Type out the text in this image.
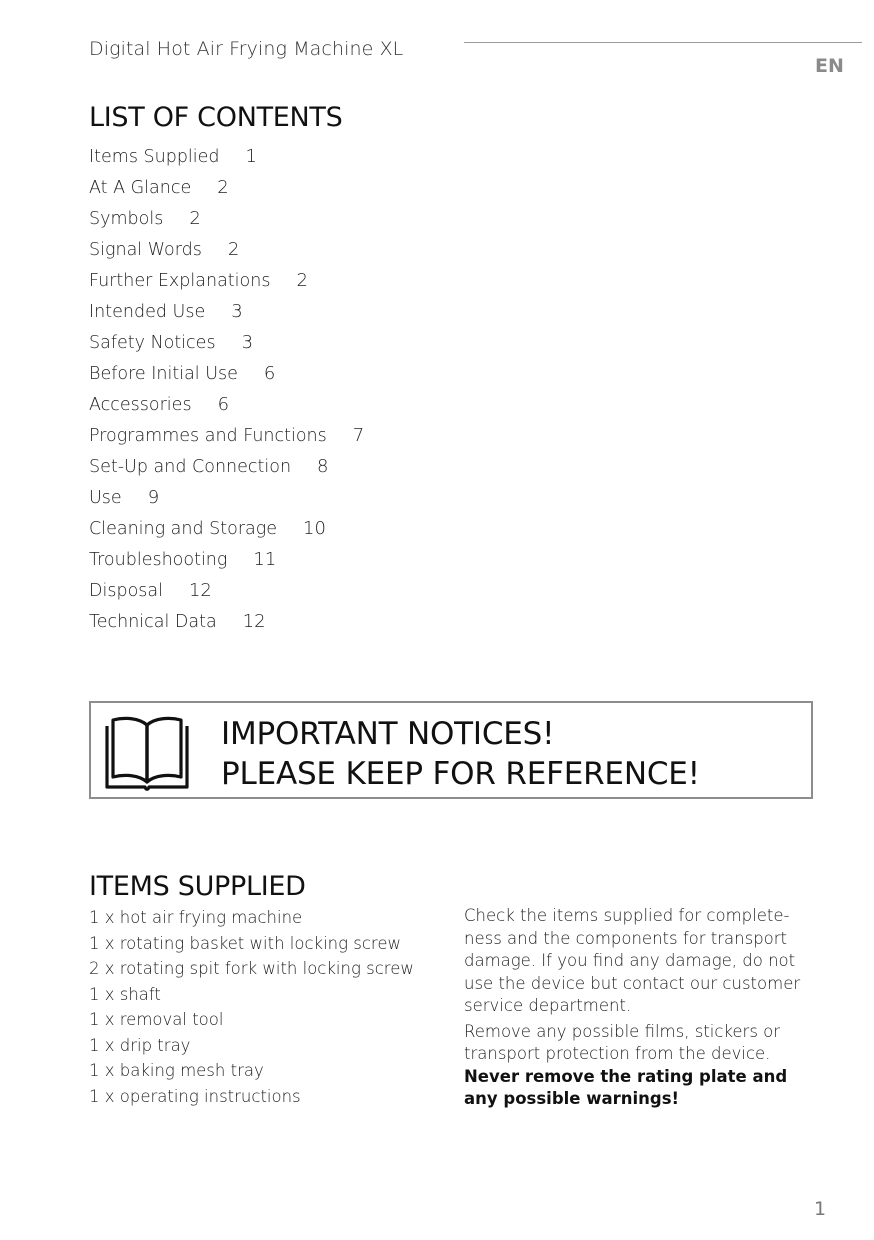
Digital Hot Air Frying Machine XL
EN
LIST OF CONTENTS
Items Supplied 1
At A Glance 2
Symbols 2
Signal Words 2
Further Explanations 2
Intended Use 3
Safety Notices 3
Before Initial Use 6
Accessories 6
Programmes and Functions 7
Set-Up and Connection 8
Use 9
Cleaning and Storage 10
Troubleshooting 11
Disposal 12
Technical Data 12
IMPORTANT NOTICES!
PLEASE KEEP FOR REFERENCE!
ITEMS SUPPLIED
1 x hot air frying machine
1 x rotating basket with locking screw
2 x rotating spit fork with locking screw
1 x shaft
1 x removal tool
1 x drip tray
1 x baking mesh tray
1 x operating instructions

Check the items supplied for complete-ness and the components for transport damage. If you find any damage, do not use the device but contact our customer service department.

Remove any possible films, stickers or transport protection from the device. Never remove the rating plate and any possible warnings!

1
